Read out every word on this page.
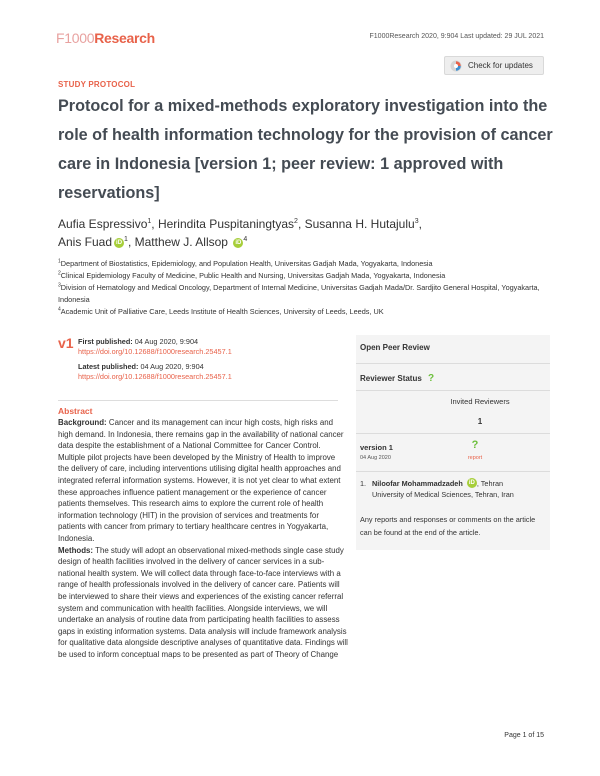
F1000Research	F1000Research 2020, 9:904 Last updated: 29 JUL 2021
Check for updates
STUDY PROTOCOL
Protocol for a mixed-methods exploratory investigation into the role of health information technology for the provision of cancer care in Indonesia [version 1; peer review: 1 approved with reservations]
Aufia Espressivo$^1$, Herindita Puspitaningtyas$^2$, Susanna H. Hutajulu$^3$,
Anis Fuad iD $^1$, Matthew J. Allsop iD $^4$

$^1$Department of Biostatistics, Epidemiology, and Population Health, Universitas Gadjah Mada, Yogyakarta, Indonesia

$^2$Clinical Epidemiology Faculty of Medicine, Public Health and Nursing, Universitas Gadjah Mada, Yogyakarta, Indonesia

$^3$Division of Hematology and Medical Oncology, Department of Internal Medicine, Universitas Gadjah Mada/Dr. Sardjito General Hospital, Yogyakarta, Indonesia

$^4$Academic Unit of Palliative Care, Leeds Institute of Health Sciences, University of Leeds, Leeds, UK

v1 First published: 04 Aug 2020, 9:904
https://doi.org/10.12688/f1000research.25457.1
Latest published: 04 Aug 2020, 9:904
https://doi.org/10.12688/f1000research.25457.1
Abstract
Background: Cancer and its management can incur high costs, high risks and high demand. In Indonesia, there remains gap in the availability of national cancer data despite the establishment of a National Committee for Cancer Control. Multiple pilot projects have been developed by the Ministry of Health to improve the delivery of care, including interventions utilising digital health approaches and integrated referral information systems. However, it is not yet clear to what extent these approaches influence patient management or the experience of cancer patients themselves. This research aims to explore the current role of health information technology (HIT) in the provision of services and treatments for patients with cancer from primary to tertiary healthcare centres in Yogyakarta, Indonesia.
Methods: The study will adopt an observational mixed-methods single case study design of health facilities involved in the delivery of cancer services in a sub-national health system. We will collect data through face-to-face interviews with a range of health professionals involved in the delivery of cancer care. Patients will be interviewed to share their views and experiences of the existing cancer referral system and communication with health facilities. Alongside interviews, we will undertake an analysis of routine data from participating health facilities to assess gaps in existing information systems. Data analysis will include framework analysis for qualitative data alongside descriptive analyses of quantitative data. Findings will be used to inform conceptual maps to be presented as part of Theory of Change
Open Peer Review
Reviewer Status ?
Invited Reviewers
1
version 1
04 Aug 2020
?
report
1. Niloofar Mohammadzadeh iD , Tehran
University of Medical Sciences, Tehran, Iran
Any reports and responses or comments on the article can be found at the end of the article.
Page 1 of 15
